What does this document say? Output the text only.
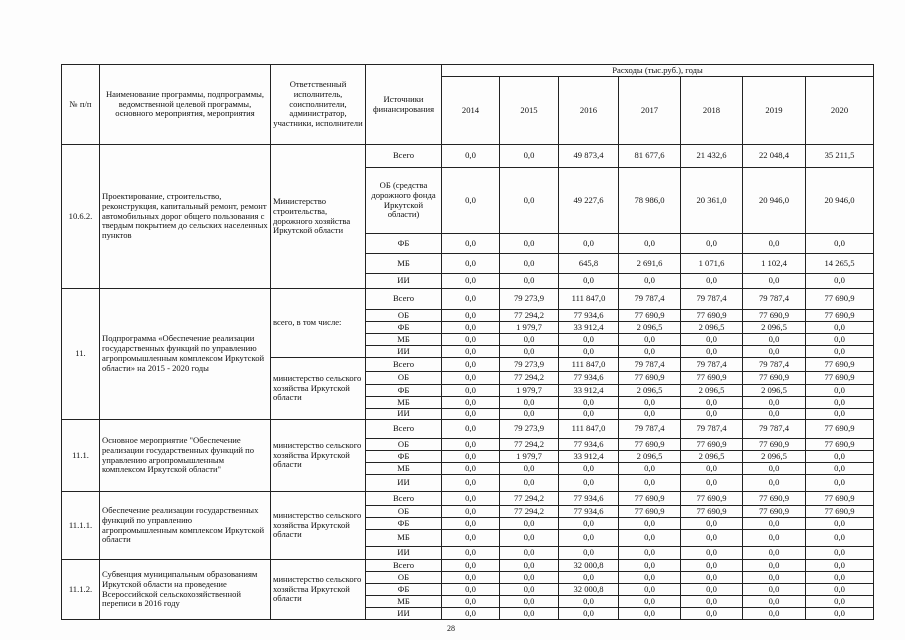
№ п/п	Наименование программы, подпрограммы, ведомственной целевой программы, основного мероприятия, мероприятия	Ответственный исполнитель, соисполнители, администратор, участники, исполнители	Источники финансирования	Расходы (тыс.руб.), годы						
				2014	2015	2016	2017	2018	2019	2020
10.6.2.	Проектирование, строительство, реконструкция, капитальный ремонт, ремонт автомобильных дорог общего пользования с твердым покрытием до сельских населенных пунктов	Министерство строительства, дорожного хозяйства Иркутской области	Всего	0,0	0,0	49 873,4	81 677,6	21 432,6	22 048,4	35 211,5
			ОБ (средства дорожного фонда Иркутской области)	0,0	0,0	49 227,6	78 986,0	20 361,0	20 946,0	20 946,0
			ФБ	0,0	0,0	0,0	0,0	0,0	0,0	0,0
			МБ	0,0	0,0	645,8	2 691,6	1 071,6	1 102,4	14 265,5
			ИИ	0,0	0,0	0,0	0,0	0,0	0,0	0,0
11.	Подпрограмма «Обеспечение реализации государственных функций по управлению агропромышленным комплексом Иркутской области» на 2015 - 2020 годы	всего, в том числе:	Всего	0,0	79 273,9	111 847,0	79 787,4	79 787,4	79 787,4	77 690,9
			ОБ	0,0	77 294,2	77 934,6	77 690,9	77 690,9	77 690,9	77 690,9
			ФБ	0,0	1 979,7	33 912,4	2 096,5	2 096,5	2 096,5	0,0
			МБ	0,0	0,0	0,0	0,0	0,0	0,0	0,0
			ИИ	0,0	0,0	0,0	0,0	0,0	0,0	0,0
		министерство сельского хозяйства Иркутской области	Всего	0,0	79 273,9	111 847,0	79 787,4	79 787,4	79 787,4	77 690,9
			ОБ	0,0	77 294,2	77 934,6	77 690,9	77 690,9	77 690,9	77 690,9
			ФБ	0,0	1 979,7	33 912,4	2 096,5	2 096,5	2 096,5	0,0
			МБ	0,0	0,0	0,0	0,0	0,0	0,0	0,0
			ИИ	0,0	0,0	0,0	0,0	0,0	0,0	0,0
11.1.	Основное мероприятие "Обеспечение реализации государственных функций по управлению агропромышленным комплексом Иркутской области"	министерство сельского хозяйства Иркутской области	Всего	0,0	79 273,9	111 847,0	79 787,4	79 787,4	79 787,4	77 690,9
			ОБ	0,0	77 294,2	77 934,6	77 690,9	77 690,9	77 690,9	77 690,9
			ФБ	0,0	1 979,7	33 912,4	2 096,5	2 096,5	2 096,5	0,0
			МБ	0,0	0,0	0,0	0,0	0,0	0,0	0,0
			ИИ	0,0	0,0	0,0	0,0	0,0	0,0	0,0
11.1.1.	Обеспечение реализации государственных функций по управлению агропромышленным комплексом Иркутской области	министерство сельского хозяйства Иркутской области	Всего	0,0	77 294,2	77 934,6	77 690,9	77 690,9	77 690,9	77 690,9
			ОБ	0,0	77 294,2	77 934,6	77 690,9	77 690,9	77 690,9	77 690,9
			ФБ	0,0	0,0	0,0	0,0	0,0	0,0	0,0
			МБ	0,0	0,0	0,0	0,0	0,0	0,0	0,0
			ИИ	0,0	0,0	0,0	0,0	0,0	0,0	0,0
11.1.2.	Субвенция муниципальным образованиям Иркутской области на проведение Всероссийской сельскохозяйственной переписи в 2016 году	министерство сельского хозяйства Иркутской области	Всего	0,0	0,0	32 000,8	0,0	0,0	0,0	0,0
			ОБ	0,0	0,0	0,0	0,0	0,0	0,0	0,0
			ФБ	0,0	0,0	32 000,8	0,0	0,0	0,0	0,0
			МБ	0,0	0,0	0,0	0,0	0,0	0,0	0,0
			ИИ	0,0	0,0	0,0	0,0	0,0	0,0	0,0
28
